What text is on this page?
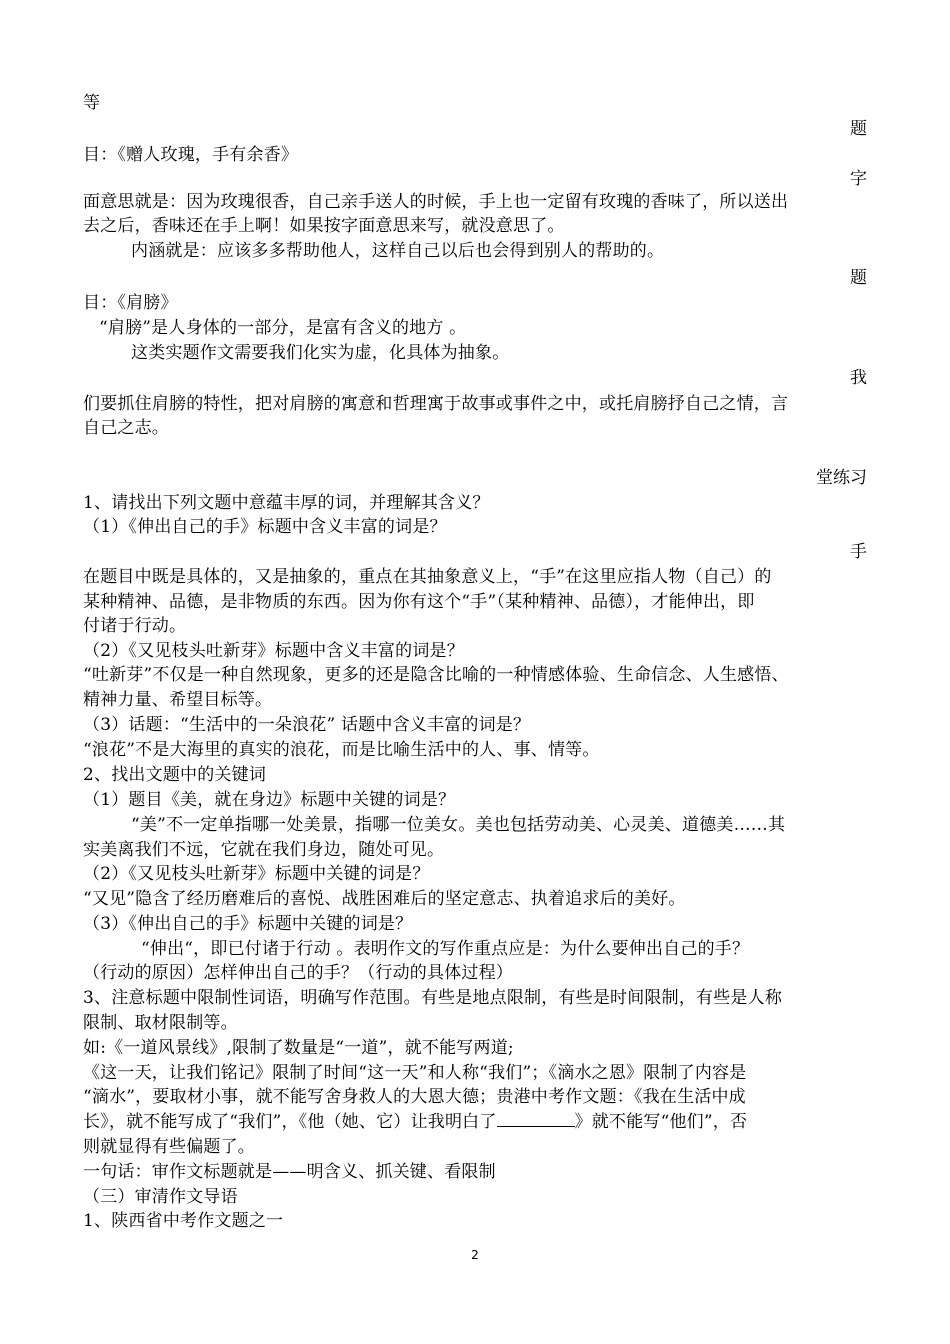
等
题
目：《赠人玫瑰，手有余香》
字
面意思就是：因为玫瑰很香，自己亲手送人的时候，手上也一定留有玫瑰的香味了，所以送出
去之后，香味还在手上啊！如果按字面意思来写，就没意思了。
内涵就是：应该多多帮助他人，这样自己以后也会得到别人的帮助的。
题
目：《肩膀》
“肩膀”是人身体的一部分，是富有含义的地方 。
这类实题作文需要我们化实为虚，化具体为抽象。
我
们要抓住肩膀的特性，把对肩膀的寓意和哲理寓于故事或事件之中，或托肩膀抒自己之情，言
自己之志。
堂练习
1、请找出下列文题中意蕴丰厚的词，并理解其含义？
（1）《伸出自己的手》标题中含义丰富的词是？
手
在题目中既是具体的，又是抽象的，重点在其抽象意义上，“手”在这里应指人物（自己）的
某种精神、品德，是非物质的东西。因为你有这个“手”（某种精神、品德），才能伸出，即
付诸于行动。
（2）《又见枝头吐新芽》标题中含义丰富的词是？
“吐新芽”不仅是一种自然现象，更多的还是隐含比喻的一种情感体验、生命信念、人生感悟、
精神力量、希望目标等。
（3）话题：“生活中的一朵浪花” 话题中含义丰富的词是？
“浪花”不是大海里的真实的浪花，而是比喻生活中的人、事、情等。
2、找出文题中的关键词
（1）题目《美，就在身边》标题中关键的词是？
“美”不一定单指哪一处美景，指哪一位美女。美也包括劳动美、心灵美、道德美……其
实美离我们不远，它就在我们身边，随处可见。
（2）《又见枝头吐新芽》标题中关键的词是？
“又见”隐含了经历磨难后的喜悦、战胜困难后的坚定意志、执着追求后的美好。
（3）《伸出自己的手》标题中关键的词是？
“伸出“，即已付诸于行动 。表明作文的写作重点应是：为什么要伸出自己的手？
（行动的原因）怎样伸出自己的手？（行动的具体过程）
3、注意标题中限制性词语，明确写作范围。有些是地点限制，有些是时间限制，有些是人称
限制、取材限制等。
如:《一道风景线》,限制了数量是“一道”，就不能写两道;
《这一天，让我们铭记》限制了时间“这一天”和人称“我们”；《滴水之恩》限制了内容是
“滴水”，要取材小事，就不能写舍身救人的大恩大德；贵港中考作文题：《我在生活中成
长》，就不能写成了“我们”，《他（她、它）让我明白了	》就不能写“他们”，否
则就显得有些偏题了。
一句话：审作文标题就是——明含义、抓关键、看限制
（三）审清作文导语
1、陕西省中考作文题之一
2
